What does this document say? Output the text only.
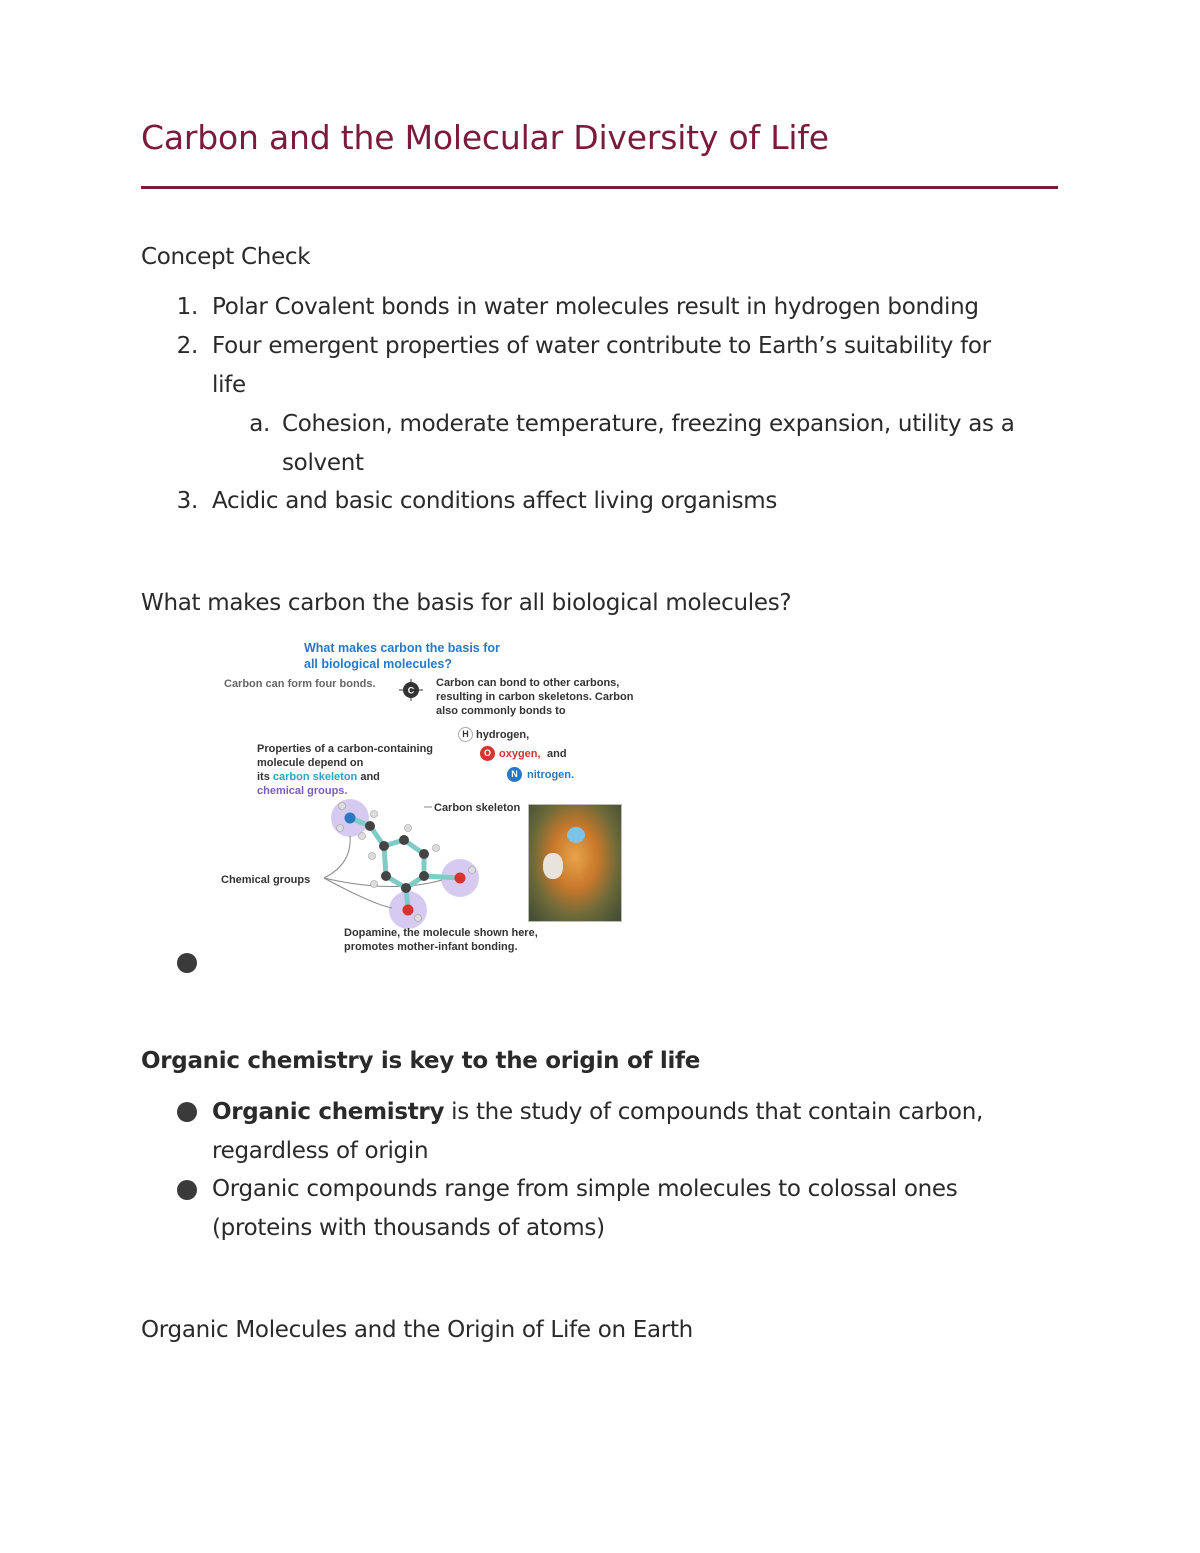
Carbon and the Molecular Diversity of Life
Concept Check
1. Polar Covalent bonds in water molecules result in hydrogen bonding
2. Four emergent properties of water contribute to Earth’s suitability for
life
a. Cohesion, moderate temperature, freezing expansion, utility as a
solvent
3. Acidic and basic conditions affect living organisms
What makes carbon the basis for all biological molecules?
What makes carbon the basis for
all biological molecules?
Carbon can form four bonds.
C
Carbon can bond to other carbons,
resulting in carbon skeletons. Carbon
also commonly bonds to
H hydrogen,
O oxygen, and
N nitrogen.
Properties of a carbon-containing
molecule depend on
its carbon skeleton and
chemical groups.
Carbon skeleton
Chemical groups
Dopamine, the molecule shown here,
promotes mother-infant bonding.
Organic chemistry is key to the origin of life
Organic chemistry is the study of compounds that contain carbon,
regardless of origin
Organic compounds range from simple molecules to colossal ones
(proteins with thousands of atoms)
Organic Molecules and the Origin of Life on Earth
